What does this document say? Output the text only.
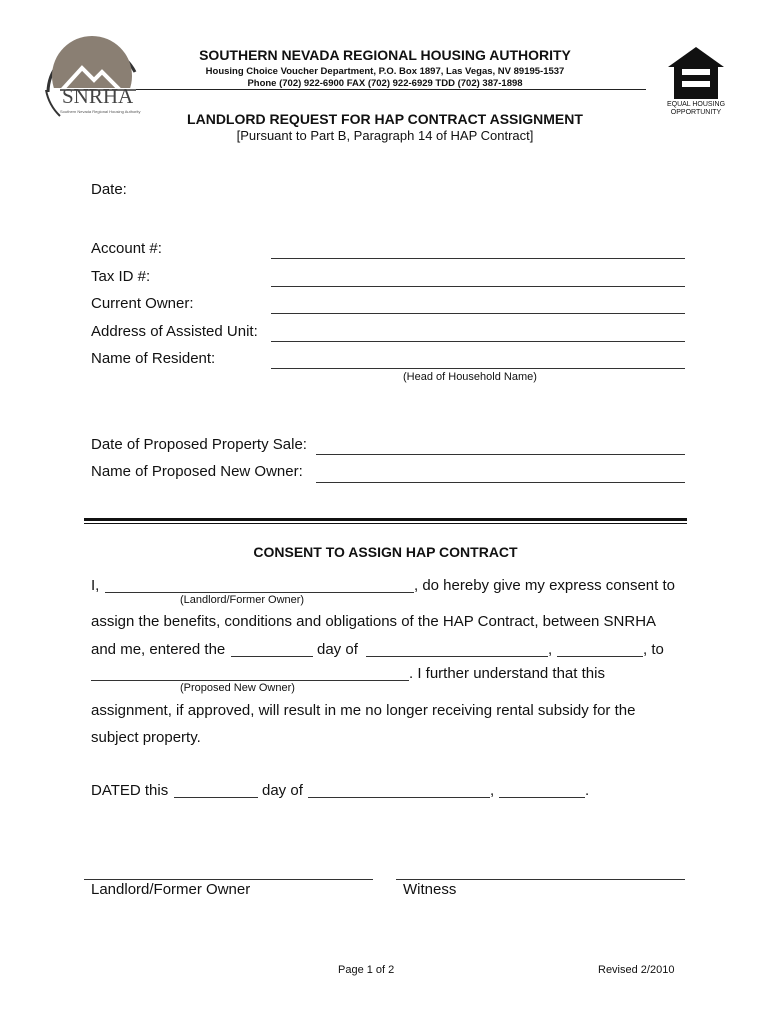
SNRHA
Southern Nevada Regional Housing Authority
SOUTHERN NEVADA REGIONAL HOUSING AUTHORITY
Housing Choice Voucher Department, P.O. Box 1897, Las Vegas, NV 89195-1537
Phone (702) 922-6900 FAX (702) 922-6929 TDD (702) 387-1898
EQUAL HOUSING
OPPORTUNITY
LANDLORD REQUEST FOR HAP CONTRACT ASSIGNMENT
[Pursuant to Part B, Paragraph 14 of HAP Contract]
Date:
Account #:
Tax ID #:
Current Owner:
Address of Assisted Unit:
Name of Resident:
(Head of Household Name)
Date of Proposed Property Sale:
Name of Proposed New Owner:
CONSENT TO ASSIGN HAP CONTRACT
I,	, do hereby give my express consent to
(Landlord/Former Owner)
assign the benefits, conditions and obligations of the HAP Contract, between SNRHA
and me, entered the	day of	,	, to
. I further understand that this
(Proposed New Owner)
assignment, if approved, will result in me no longer receiving rental subsidy for the
subject property.
DATED this	day of	,	.
Landlord/Former Owner	Witness
Page 1 of 2	Revised 2/2010
